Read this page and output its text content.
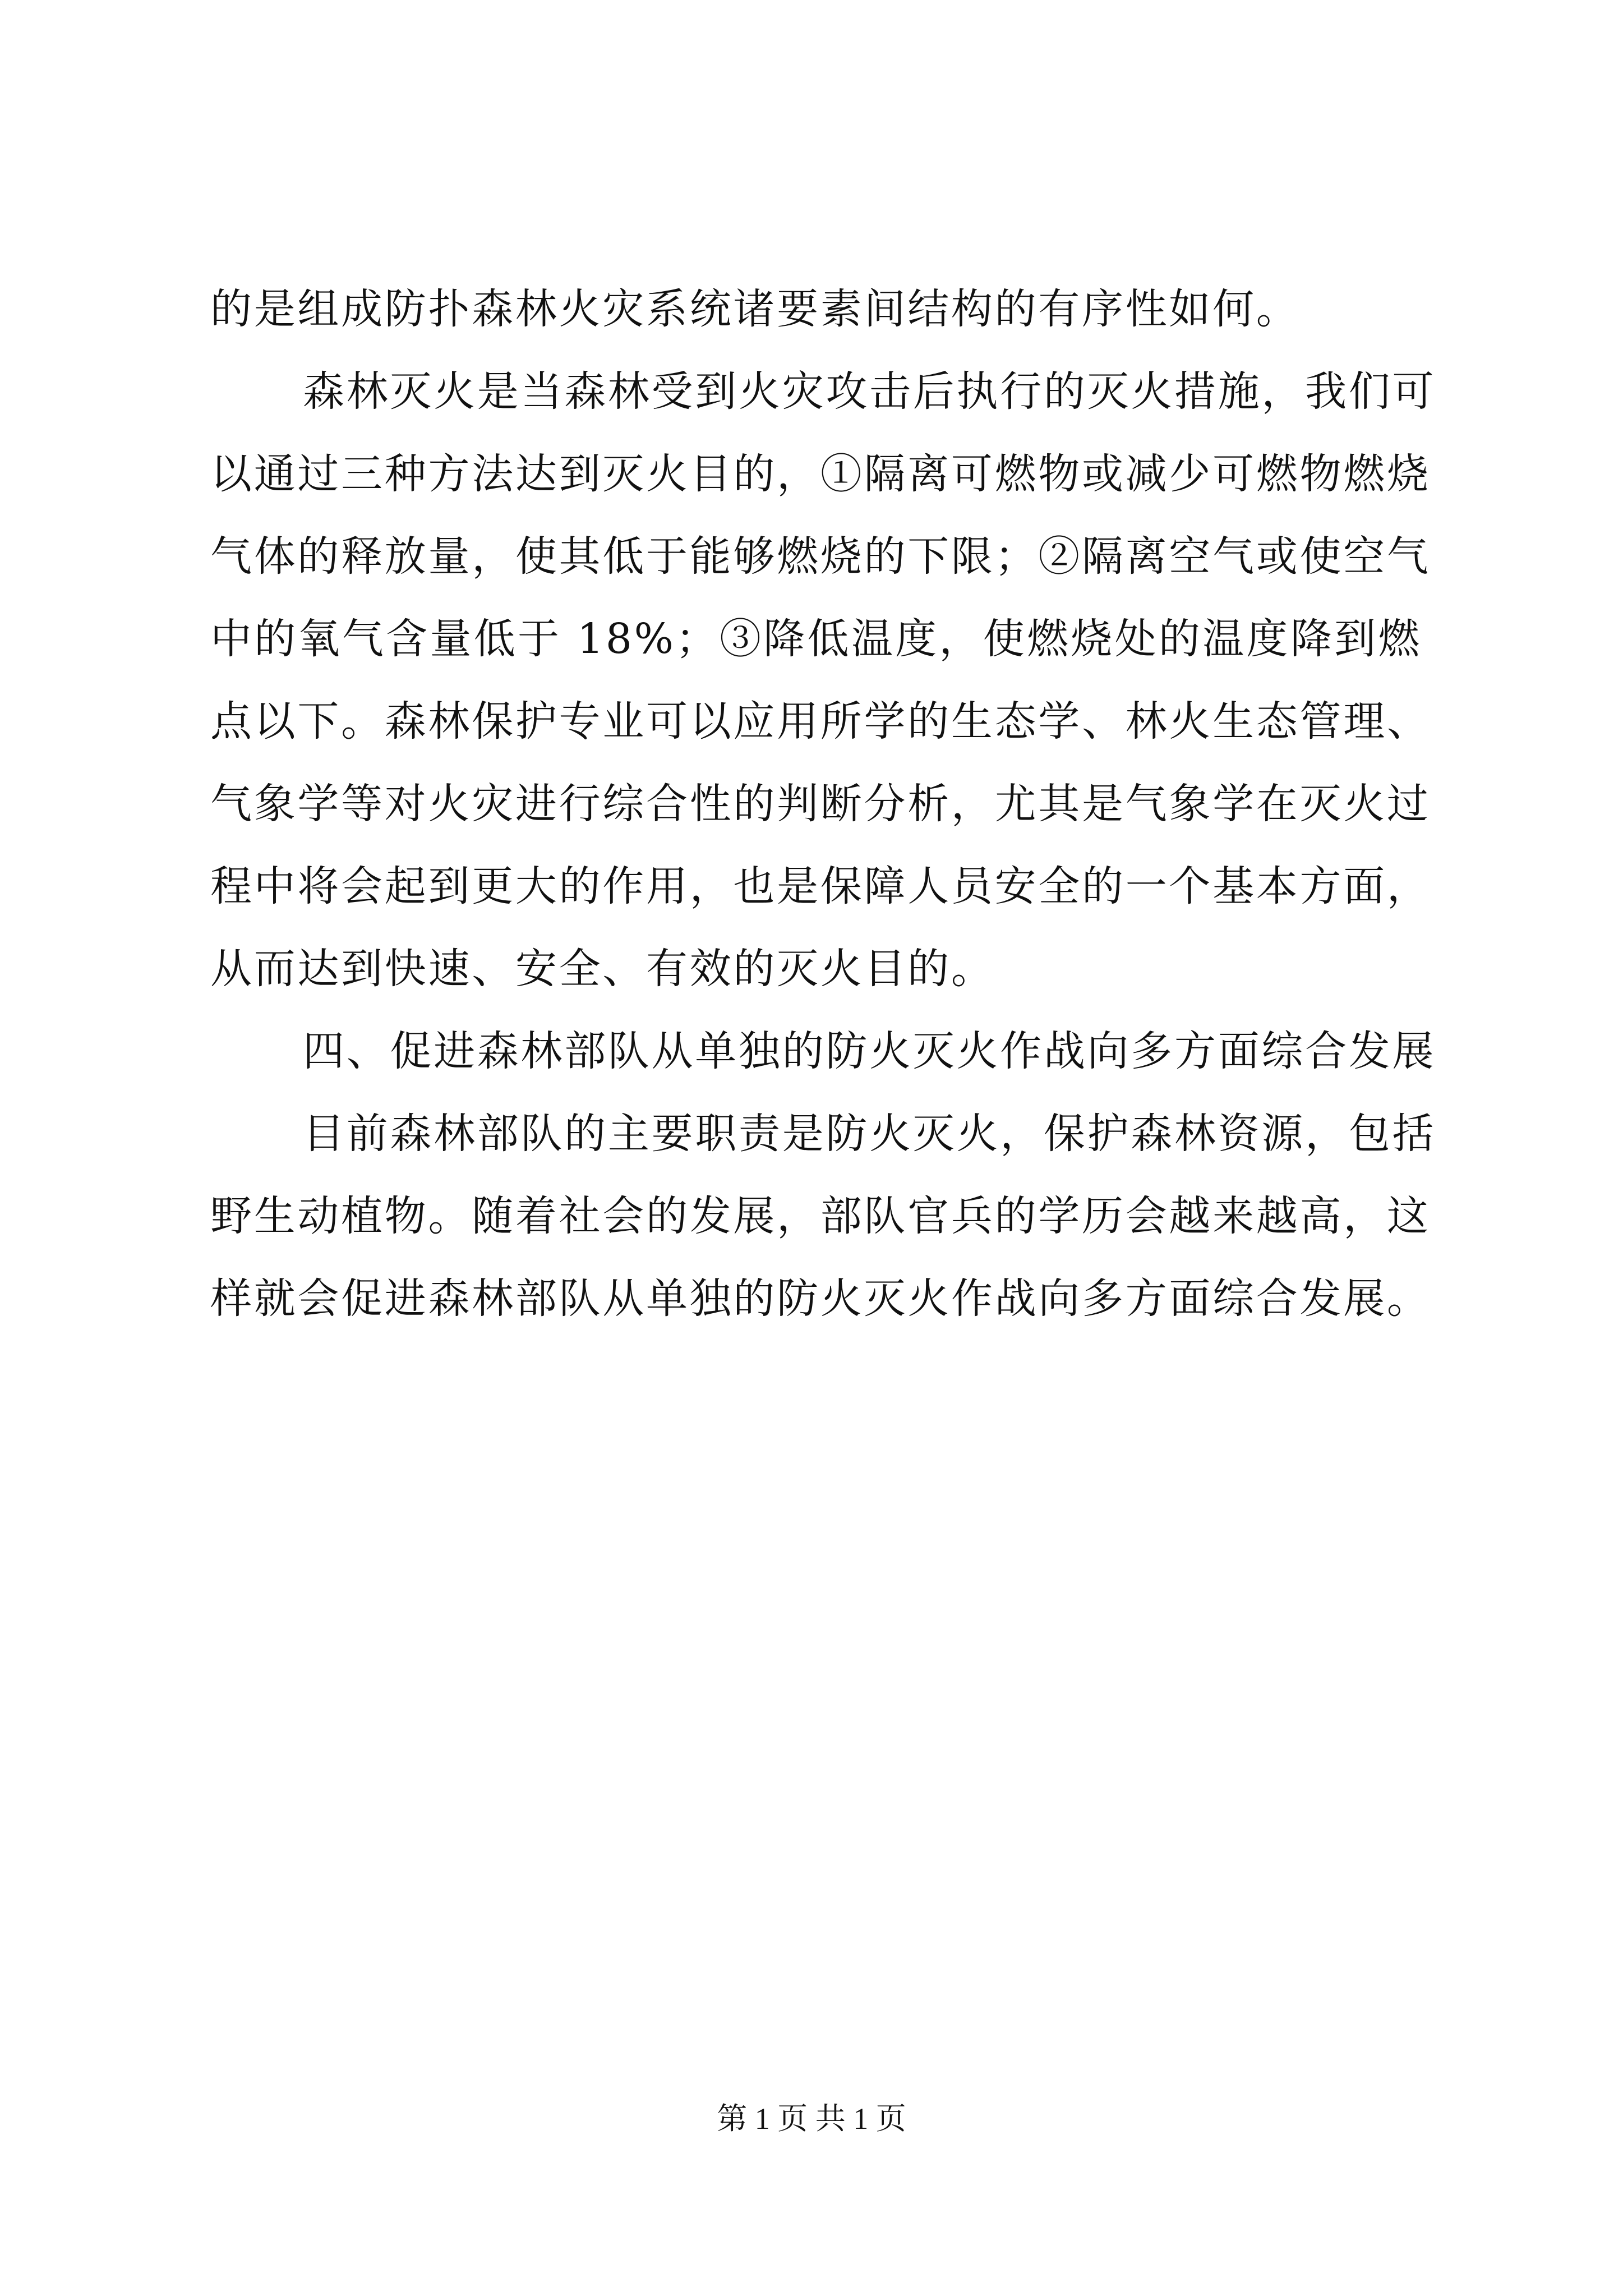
的是组成防扑森林火灾系统诸要素间结构的有序性如何。
森林灭火是当森林受到火灾攻击后执行的灭火措施，我们可
以通过三种方法达到灭火目的，①隔离可燃物或减少可燃物燃烧
气体的释放量，使其低于能够燃烧的下限；②隔离空气或使空气
中的氧气含量低于 18%；③降低温度，使燃烧处的温度降到燃
点以下。森林保护专业可以应用所学的生态学、林火生态管理、
气象学等对火灾进行综合性的判断分析，尤其是气象学在灭火过
程中将会起到更大的作用，也是保障人员安全的一个基本方面，
从而达到快速、安全、有效的灭火目的。
四、促进森林部队从单独的防火灭火作战向多方面综合发展
目前森林部队的主要职责是防火灭火，保护森林资源，包括
野生动植物。随着社会的发展，部队官兵的学历会越来越高，这
样就会促进森林部队从单独的防火灭火作战向多方面综合发展。
第 1 页 共 1 页
